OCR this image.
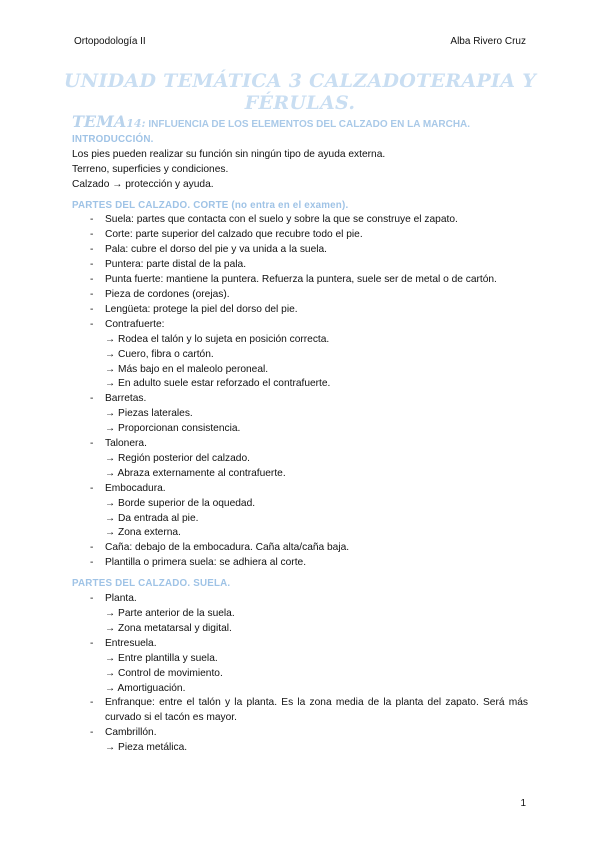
Ortopodología II	Alba Rivero Cruz
UNIDAD TEMÁTICA 3 CALZADOTERAPIA Y FÉRULAS.
TEMA14: INFLUENCIA DE LOS ELEMENTOS DEL CALZADO EN LA MARCHA.
INTRODUCCIÓN.

Los pies pueden realizar su función sin ningún tipo de ayuda externa.

Terreno, superficies y condiciones.

Calzado → protección y ayuda.

PARTES DEL CALZADO. CORTE (no entra en el examen).
- Suela: partes que contacta con el suelo y sobre la que se construye el zapato.
- Corte: parte superior del calzado que recubre todo el pie.
- Pala: cubre el dorso del pie y va unida a la suela.
- Puntera: parte distal de la pala.
- Punta fuerte: mantiene la puntera. Refuerza la puntera, suele ser de metal o de cartón.
- Pieza de cordones (orejas).
- Lengüeta: protege la piel del dorso del pie.
- Contrafuerte:
→ Rodea el talón y lo sujeta en posición correcta.
→ Cuero, fibra o cartón.
→ Más bajo en el maleolo peroneal.
→ En adulto suele estar reforzado el contrafuerte.
- Barretas.
→ Piezas laterales.
→ Proporcionan consistencia.
- Talonera.
→ Región posterior del calzado.
→ Abraza externamente al contrafuerte.
- Embocadura.
→ Borde superior de la oquedad.
→ Da entrada al pie.
→ Zona externa.
- Caña: debajo de la embocadura. Caña alta/caña baja.
- Plantilla o primera suela: se adhiera al corte.
PARTES DEL CALZADO. SUELA.
- Planta.
→ Parte anterior de la suela.
→ Zona metatarsal y digital.
- Entresuela.
→ Entre plantilla y suela.
→ Control de movimiento.
→ Amortiguación.
- Enfranque: entre el talón y la planta. Es la zona media de la planta del zapato. Será más curvado si el tacón es mayor.
- Cambrillón.
→ Pieza metálica.
1
